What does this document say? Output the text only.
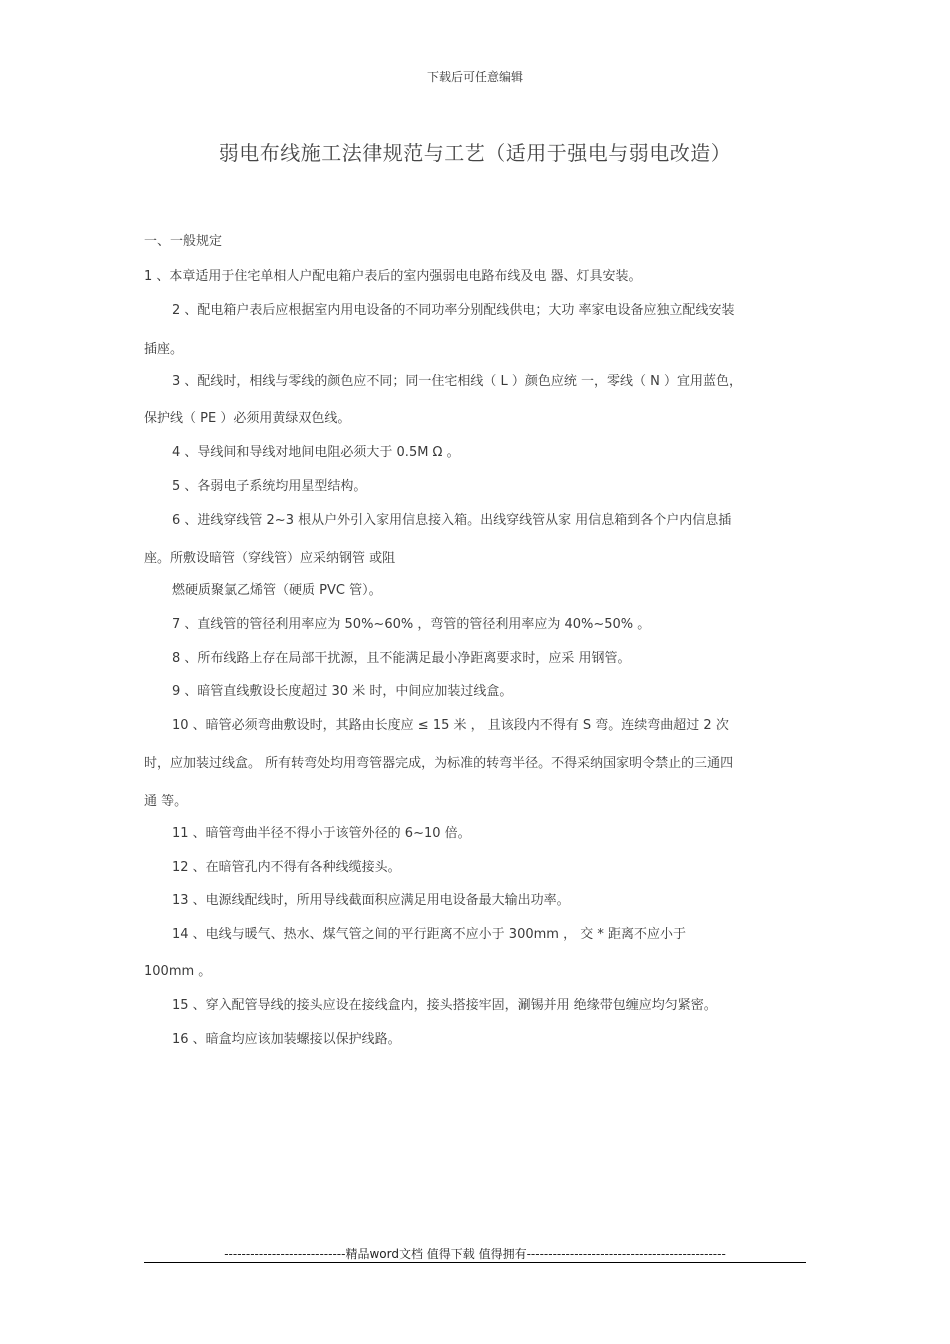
下载后可任意编辑
弱电布线施工法律规范与工艺（适用于强电与弱电改造）
一、一般规定
1 、本章适用于住宅单相人户配电箱户表后的室内强弱电电路布线及电 器、灯具安装。
2 、配电箱户表后应根据室内用电设备的不同功率分别配线供电；大功 率家电设备应独立配线安装
插座。
3 、配线时，相线与零线的颜色应不同；同一住宅相线（ L ）颜色应统 一，零线（ N ）宜用蓝色，
保护线（ PE ）必须用黄绿双色线。
4 、导线间和导线对地间电阻必须大于 0.5M Ω 。
5 、各弱电子系统均用星型结构。
6 、进线穿线管 2~3 根从户外引入家用信息接入箱。出线穿线管从家 用信息箱到各个户内信息插
座。所敷设暗管（穿线管）应采纳钢管 或阻
燃硬质聚氯乙烯管（硬质 PVC 管）。
7 、直线管的管径利用率应为 50%~60% ，弯管的管径利用率应为 40%~50% 。
8 、所布线路上存在局部干扰源，且不能满足最小净距离要求时，应采 用钢管。
9 、暗管直线敷设长度超过 30 米 时，中间应加装过线盒。
10 、暗管必须弯曲敷设时，其路由长度应 ≤ 15 米 ， 且该段内不得有 S 弯。连续弯曲超过 2 次
时，应加装过线盒。 所有转弯处均用弯管器完成，为标准的转弯半径。不得采纳国家明令禁止的三通四
通 等。
11 、暗管弯曲半径不得小于该管外径的 6~10 倍。
12 、在暗管孔内不得有各种线缆接头。
13 、电源线配线时，所用导线截面积应满足用电设备最大输出功率。
14 、电线与暖气、热水、煤气管之间的平行距离不应小于 300mm ， 交 * 距离不应小于
100mm 。
15 、穿入配管导线的接头应设在接线盒内，接头搭接牢固，涮锡并用 绝缘带包缠应均匀紧密。
16 、暗盒均应该加装螺接以保护线路。
----------------------------精品word文档 值得下载 值得拥有----------------------------------------------
